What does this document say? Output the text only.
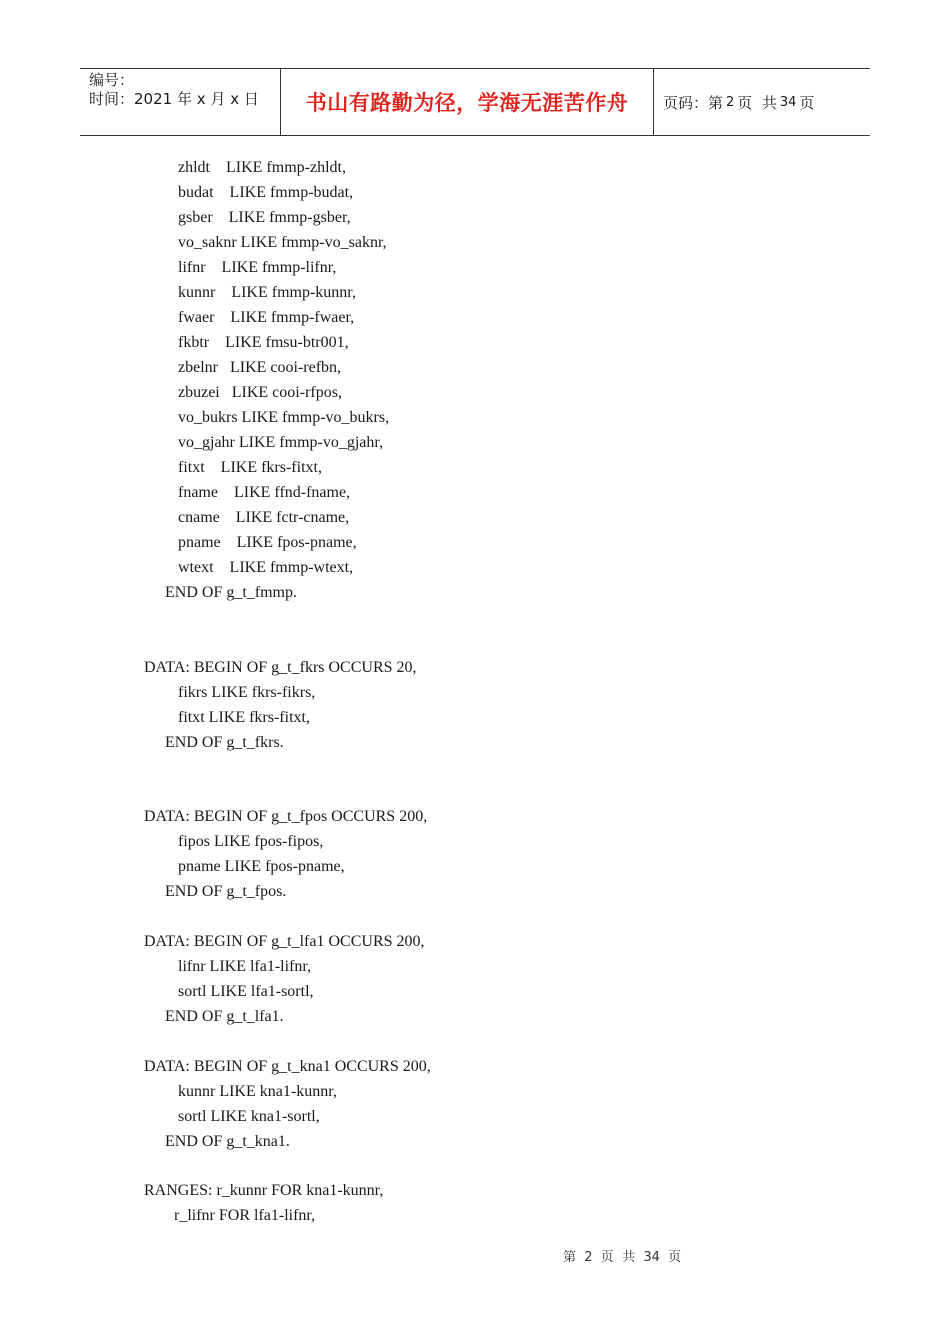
编号：
时间：2021 年 x 月 x 日	书山有路勤为径，学海无涯苦作舟 页码：第 2 页  共 34 页
zhldt    LIKE fmmp-zhldt,
budat    LIKE fmmp-budat,
gsber    LIKE fmmp-gsber,
vo_saknr LIKE fmmp-vo_saknr,
lifnr    LIKE fmmp-lifnr,
kunnr    LIKE fmmp-kunnr,
fwaer    LIKE fmmp-fwaer,
fkbtr    LIKE fmsu-btr001,
zbelnr   LIKE cooi-refbn,
zbuzei   LIKE cooi-rfpos,
vo_bukrs LIKE fmmp-vo_bukrs,
vo_gjahr LIKE fmmp-vo_gjahr,
fitxt    LIKE fkrs-fitxt,
fname    LIKE ffnd-fname,
cname    LIKE fctr-cname,
pname    LIKE fpos-pname,
wtext    LIKE fmmp-wtext,
END OF g_t_fmmp.
DATA: BEGIN OF g_t_fkrs OCCURS 20,
fikrs LIKE fkrs-fikrs,
fitxt LIKE fkrs-fitxt,
END OF g_t_fkrs.
DATA: BEGIN OF g_t_fpos OCCURS 200,
fipos LIKE fpos-fipos,
pname LIKE fpos-pname,
END OF g_t_fpos.
DATA: BEGIN OF g_t_lfa1 OCCURS 200,
lifnr LIKE lfa1-lifnr,
sortl LIKE lfa1-sortl,
END OF g_t_lfa1.
DATA: BEGIN OF g_t_kna1 OCCURS 200,
kunnr LIKE kna1-kunnr,
sortl LIKE kna1-sortl,
END OF g_t_kna1.
RANGES: r_kunnr FOR kna1-kunnr,
r_lifnr FOR lfa1-lifnr,
第  2  页  共  34  页
